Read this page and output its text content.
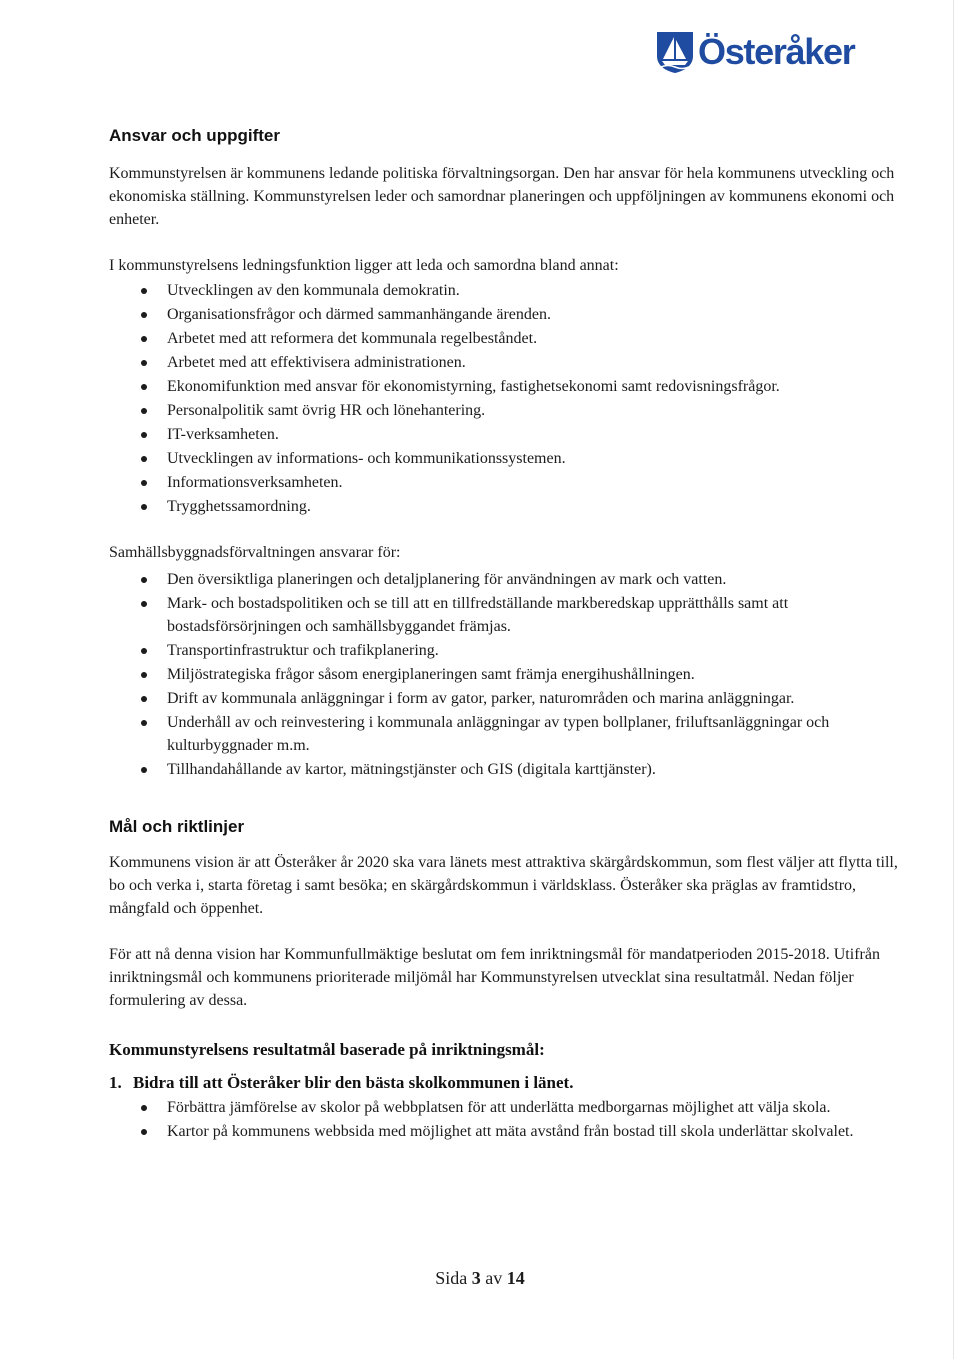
Österåker
Ansvar och uppgifter

Kommunstyrelsen är kommunens ledande politiska förvaltningsorgan. Den har ansvar för hela kommunens utveckling och ekonomiska ställning. Kommunstyrelsen leder och samordnar planeringen och uppföljningen av kommunens ekonomi och enheter.

I kommunstyrelsens ledningsfunktion ligger att leda och samordna bland annat:

Utvecklingen av den kommunala demokratin.
Organisationsfrågor och därmed sammanhängande ärenden.
Arbetet med att reformera det kommunala regelbeståndet.
Arbetet med att effektivisera administrationen.
Ekonomifunktion med ansvar för ekonomistyrning, fastighetsekonomi samt redovisningsfrågor.
Personalpolitik samt övrig HR och lönehantering.
IT-verksamheten.
Utvecklingen av informations- och kommunikationssystemen.
Informationsverksamheten.
Trygghetssamordning.

Samhällsbyggnadsförvaltningen ansvarar för:

Den översiktliga planeringen och detaljplanering för användningen av mark och vatten.
Mark- och bostadspolitiken och se till att en tillfredställande markberedskap upprätthålls samt att bostadsförsörjningen och samhällsbyggandet främjas.
Transportinfrastruktur och trafikplanering.
Miljöstrategiska frågor såsom energiplaneringen samt främja energihushållningen.
Drift av kommunala anläggningar i form av gator, parker, naturområden och marina anläggningar.
Underhåll av och reinvestering i kommunala anläggningar av typen bollplaner, friluftsanläggningar och kulturbyggnader m.m.
Tillhandahållande av kartor, mätningstjänster och GIS (digitala karttjänster).
Mål och riktlinjer

Kommunens vision är att Österåker år 2020 ska vara länets mest attraktiva skärgårdskommun, som flest väljer att flytta till, bo och verka i, starta företag i samt besöka; en skärgårdskommun i världsklass. Österåker ska präglas av framtidstro, mångfald och öppenhet.

För att nå denna vision har Kommunfullmäktige beslutat om fem inriktningsmål för mandatperioden 2015-2018. Utifrån inriktningsmål och kommunens prioriterade miljömål har Kommunstyrelsen utvecklat sina resultatmål. Nedan följer formulering av dessa.

Kommunstyrelsens resultatmål baserade på inriktningsmål:
1. Bidra till att Österåker blir den bästa skolkommunen i länet.
Förbättra jämförelse av skolor på webbplatsen för att underlätta medborgarnas möjlighet att välja skola.
Kartor på kommunens webbsida med möjlighet att mäta avstånd från bostad till skola underlättar skolvalet.
Sida 3 av 14
